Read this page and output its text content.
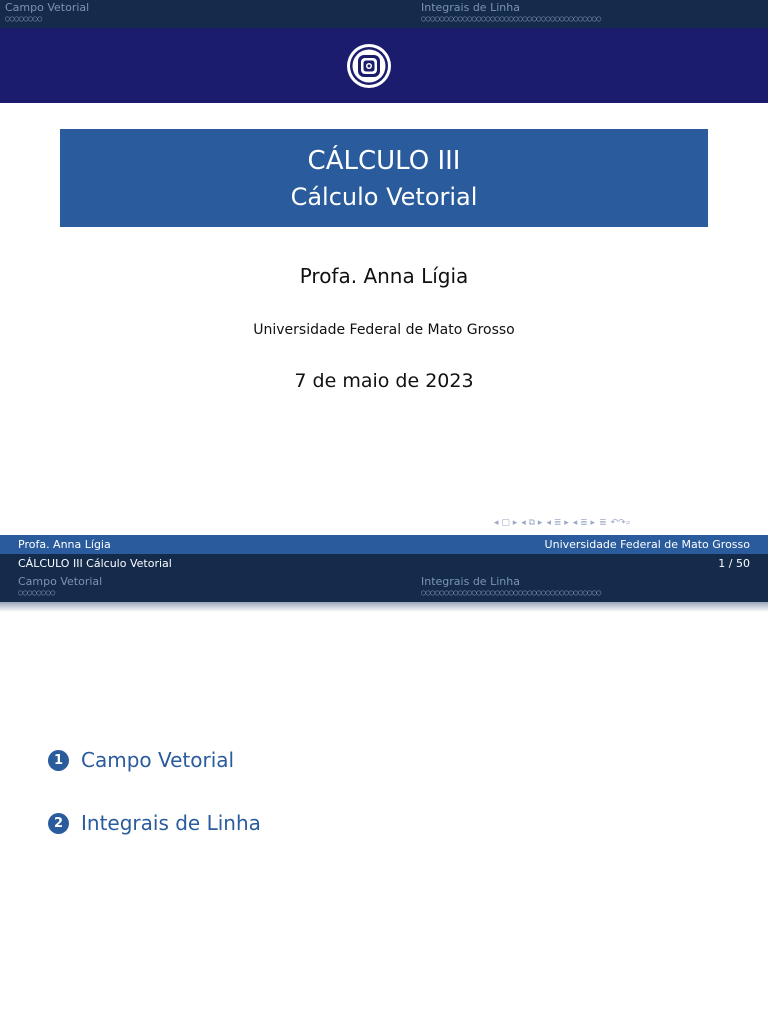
Campo Vetorial
○○○○○○○○
Integrais de Linha
○○○○○○○○○○○○○○○○○○○○○○○○○○○○○○○○○○○○○○○
CÁLCULO III
Cálculo Vetorial
Profa. Anna Lígia
Universidade Federal de Mato Grosso
7 de maio de 2023
◂ ▢ ▸ ◂ ⧉ ▸ ◂ ≣ ▸ ◂ ≣ ▸ ≣ ↶↷⌕
Profa. Anna Lígia	Universidade Federal de Mato Grosso
CÁLCULO III Cálculo Vetorial	1 / 50
Campo Vetorial
○○○○○○○○
Integrais de Linha
○○○○○○○○○○○○○○○○○○○○○○○○○○○○○○○○○○○○○○○
1 Campo Vetorial
2 Integrais de Linha
